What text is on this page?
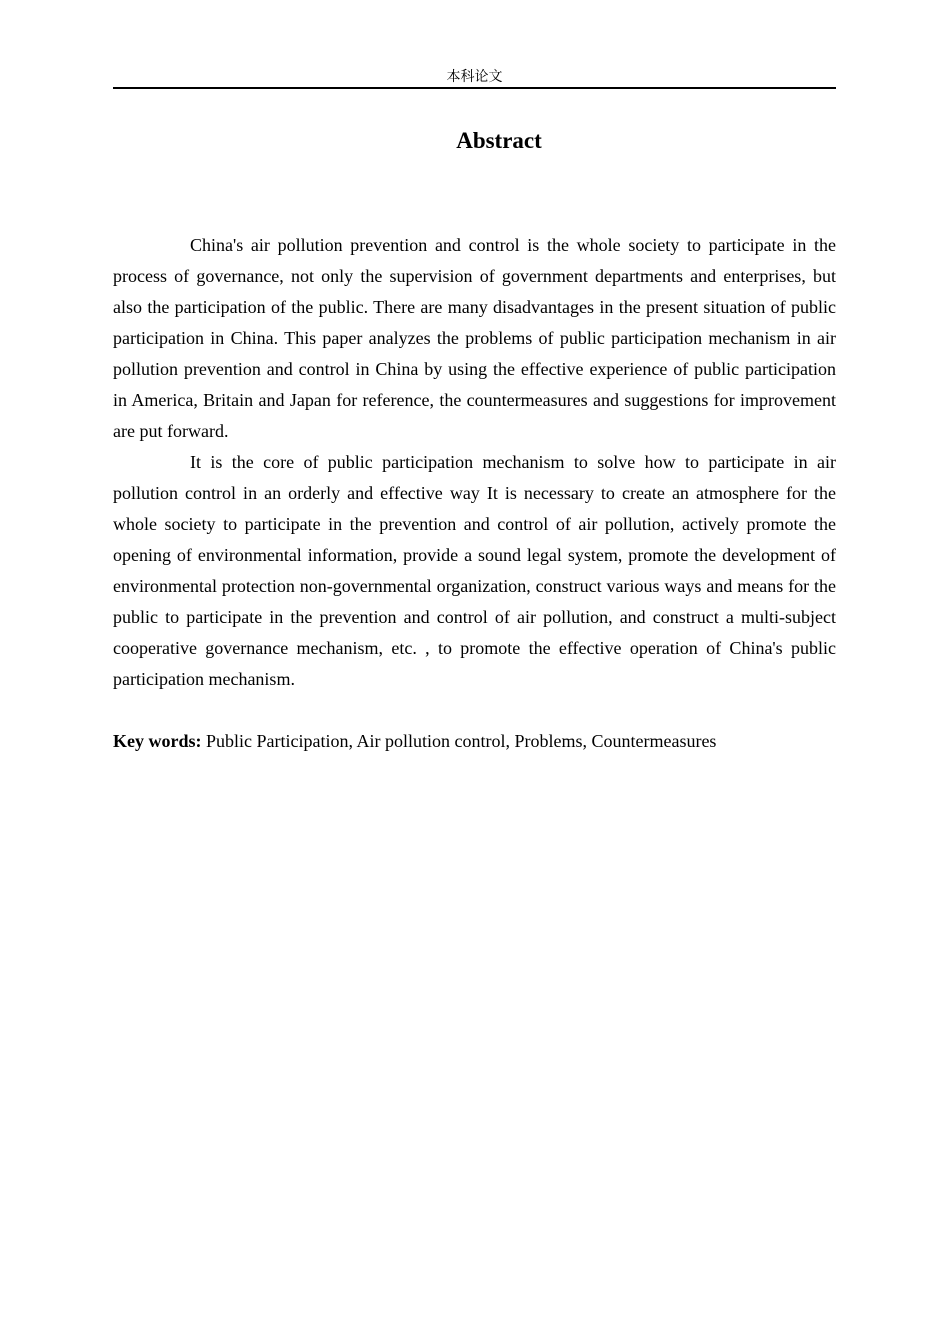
本科论文
Abstract

China's air pollution prevention and control is the whole society to participate in the process of governance, not only the supervision of government departments and enterprises, but also the participation of the public. There are many disadvantages in the present situation of public participation in China. This paper analyzes the problems of public participation mechanism in air pollution prevention and control in China by using the effective experience of public participation in America, Britain and Japan for reference, the countermeasures and suggestions for improvement are put forward.

It is the core of public participation mechanism to solve how to participate in air pollution control in an orderly and effective way It is necessary to create an atmosphere for the whole society to participate in the prevention and control of air pollution, actively promote the opening of environmental information, provide a sound legal system, promote the development of environmental protection non-governmental organization, construct various ways and means for the public to participate in the prevention and control of air pollution, and construct a multi-subject cooperative governance mechanism, etc. , to promote the effective operation of China's public participation mechanism.

Key words: Public Participation, Air pollution control, Problems, Countermeasures
